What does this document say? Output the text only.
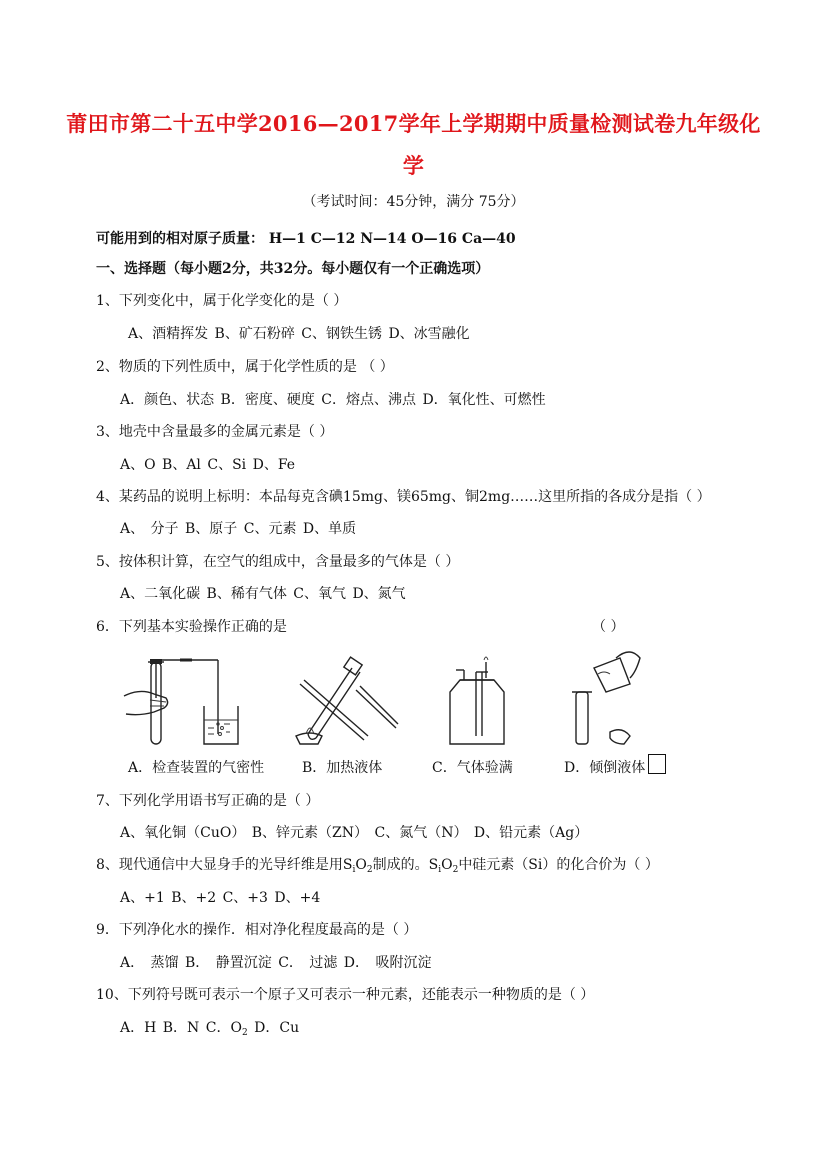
莆田市第二十五中学2016—2017学年上学期期中质量检测试卷九年级化
学
（考试时间：45分钟，满分 75分）
可能用到的相对原子质量： H—1 C—12 N—14 O—16 Ca—40
一、选择题（每小题2分，共32分。每小题仅有一个正确选项）
1、下列变化中，属于化学变化的是（ ）
A、酒精挥发 B、矿石粉碎 C、钢铁生锈 D、冰雪融化
2、物质的下列性质中，属于化学性质的是 （ ）
A．颜色、状态 B．密度、硬度 C．熔点、沸点 D．氧化性、可燃性
3、地壳中含量最多的金属元素是（ ）
A、O B、Al C、Si D、Fe
4、某药品的说明上标明：本品每克含碘15mg、镁65mg、铜2mg……这里所指的各成分是指（ ）
A、 分子 B、原子 C、元素 D、单质
5、按体积计算，在空气的组成中，含量最多的气体是（ ）
A、二氧化碳 B、稀有气体 C、氧气 D、氮气
6．下列基本实验操作正确的是	（ ）
A．检查装置的气密性	B．加热液体	C．气体验满	D．倾倒液体
7、下列化学用语书写正确的是（ ）
A、氧化铜（CuO） B、锌元素（ZN） C、氮气（N） D、铅元素（Ag）
8、现代通信中大显身手的光导纤维是用$S_iO_2$制成的。$S_iO_2$中硅元素（Si）的化合价为（ ）
A、+1 B、+2 C、+3 D、+4
9．下列净化水的操作．相对净化程度最高的是（ ）
A． 蒸馏 B． 静置沉淀 C． 过滤 D． 吸附沉淀
10、下列符号既可表示一个原子又可表示一种元素，还能表示一种物质的是（ ）
A．H B．N C．$O_2$ D．Cu
